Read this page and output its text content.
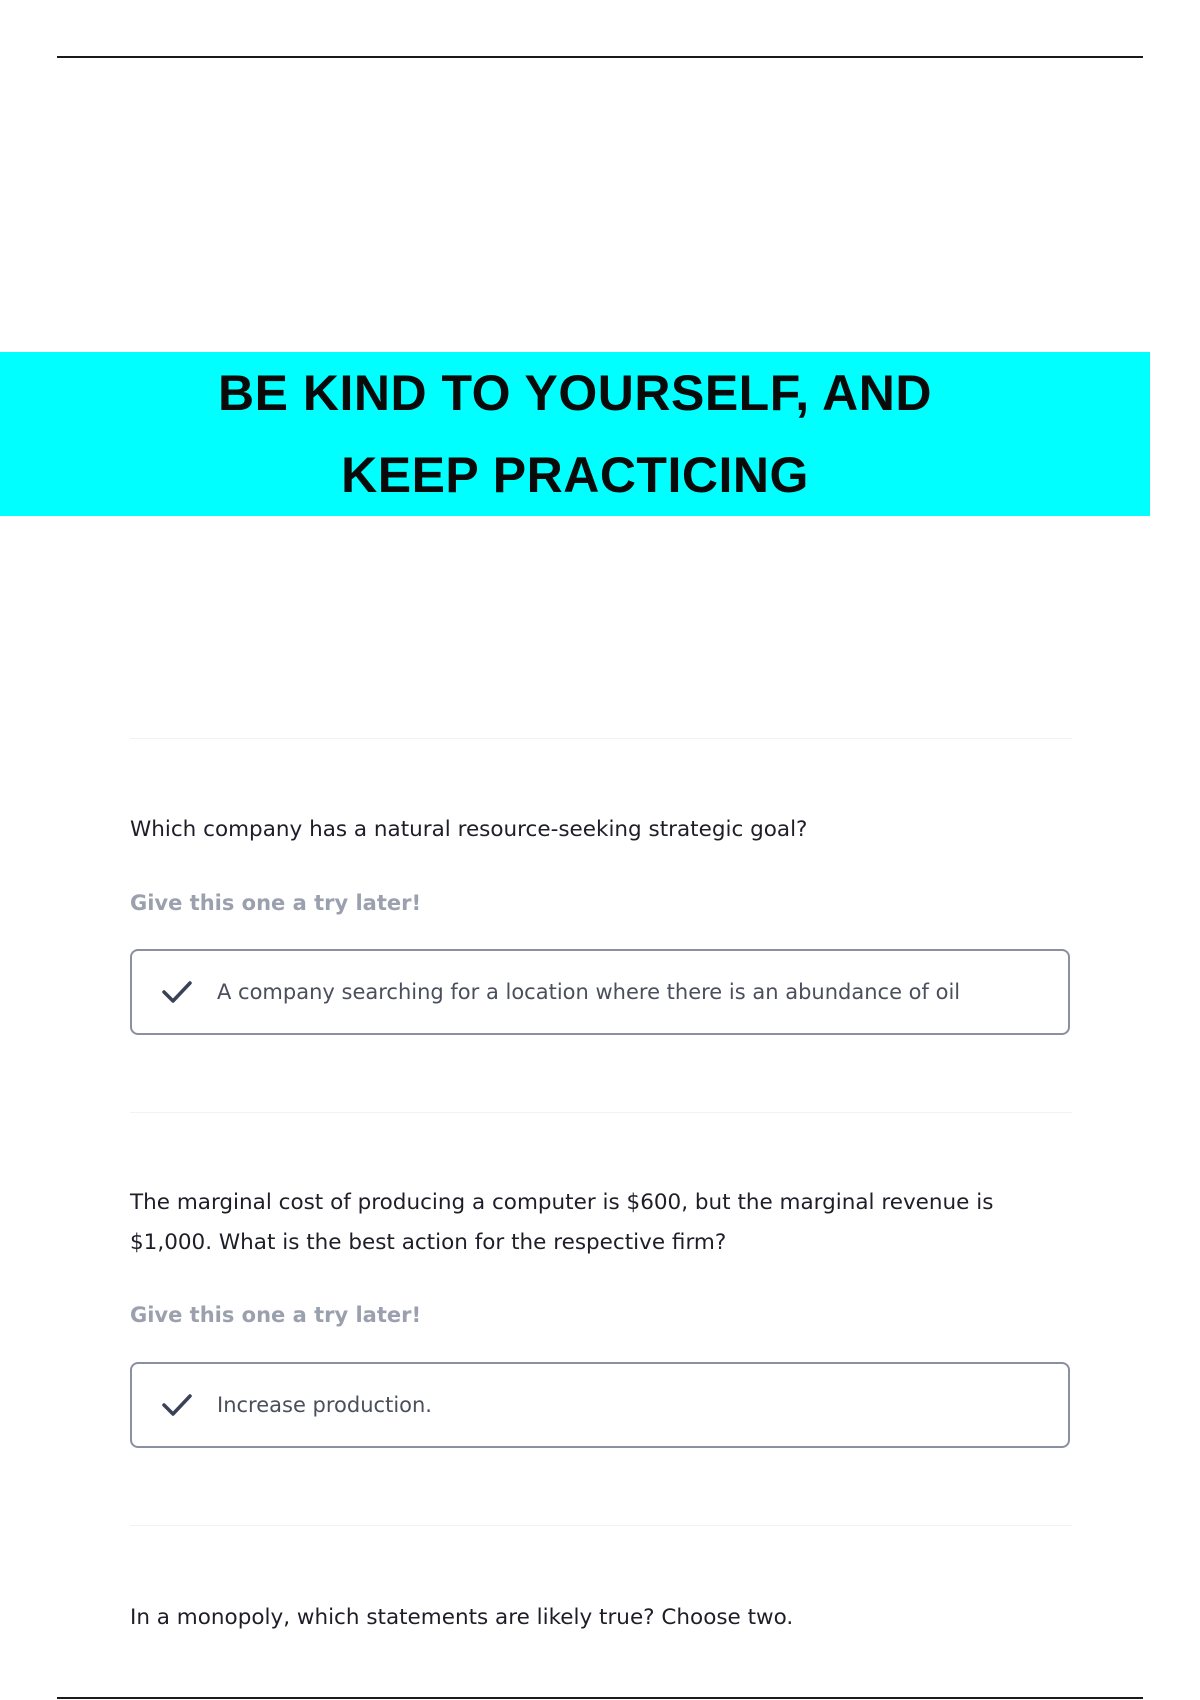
BE KIND TO YOURSELF, AND
KEEP PRACTICING
Which company has a natural resource-seeking strategic goal?
Give this one a try later!
A company searching for a location where there is an abundance of oil
The marginal cost of producing a computer is $600, but the marginal revenue is
$1,000. What is the best action for the respective firm?
Give this one a try later!
Increase production.
In a monopoly, which statements are likely true? Choose two.
